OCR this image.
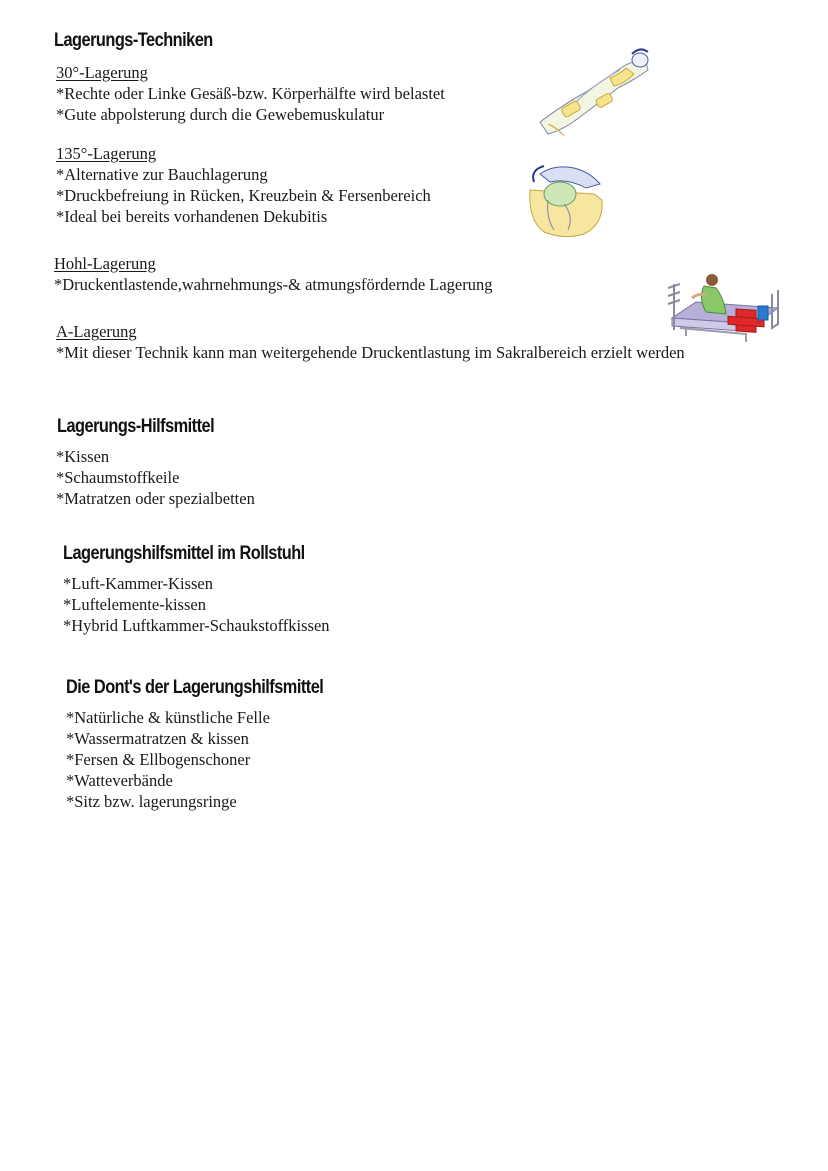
Lagerungs-Techniken
30°-Lagerung
*Rechte oder Linke Gesäß-bzw. Körperhälfte wird belastet
*Gute abpolsterung durch die Gewebemuskulatur
135°-Lagerung
*Alternative zur Bauchlagerung
*Druckbefreiung in Rücken, Kreuzbein & Fersenbereich
*Ideal bei bereits vorhandenen Dekubitis
Hohl-Lagerung
*Druckentlastende,wahrnehmungs-& atmungsfördernde Lagerung
A-Lagerung
*Mit dieser Technik kann man weitergehende Druckentlastung im Sakralbereich erzielt werden
Lagerungs-Hilfsmittel
*Kissen
*Schaumstoffkeile
*Matratzen oder spezialbetten
Lagerungshilfsmittel im Rollstuhl
*Luft-Kammer-Kissen
*Luftelemente-kissen
*Hybrid Luftkammer-Schaukstoffkissen
Die Dont's der Lagerungshilfsmittel
*Natürliche & künstliche Felle
*Wassermatratzen & kissen
*Fersen & Ellbogenschoner
*Watteverbände
*Sitz bzw. lagerungsringe
